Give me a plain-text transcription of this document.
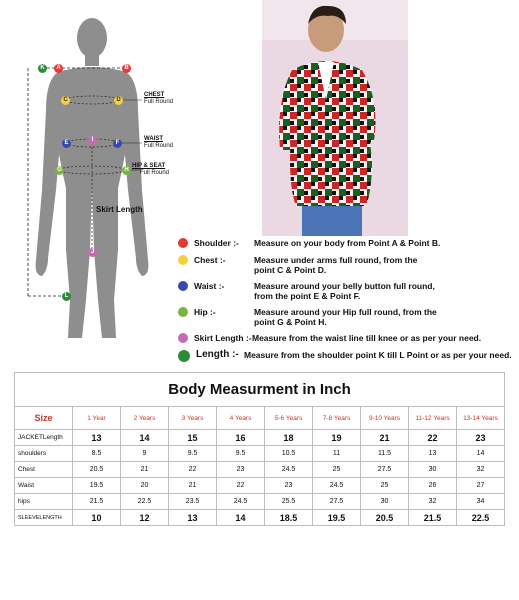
K	A	B
C	D
E	I	F
G	H
J
L
CHEST
Full Round
WAIST
Full Round
HIP & SEAT
Full Round
Skirt Length
Shoulder :-	Measure on your body from Point A & Point B.
Chest :-	Measure under arms full round, from the point C & Point D.
Waist :-	Measure around your belly button full round, from the point E & Point F.
Hip :-	Measure around your Hip full round, from the point G & Point H.
Skirt Length :- Measure from the waist line till knee or as per your need.
Length :- Measure from the shoulder point K till L Point or as per your need.
Body Measurment in Inch									
Size	1 Year	2 Years	3 Years	4 Years	5-6 Years	7-8 Years	9-10 Years	11-12 Years	13-14 Years
JACKETLength	13	14	15	16	18	19	21	22	23
shoulders	8.5	9	9.5	9.5	10.5	11	11.5	13	14
Chest	20.5	21	22	23	24.5	25	27.5	30	32
Waist	19.5	20	21	22	23	24.5	25	26	27
hips	21.5	22.5	23.5	24.5	25.5	27.5	30	32	34
SLEEVELENGTH	10	12	13	14	18.5	19.5	20.5	21.5	22.5
